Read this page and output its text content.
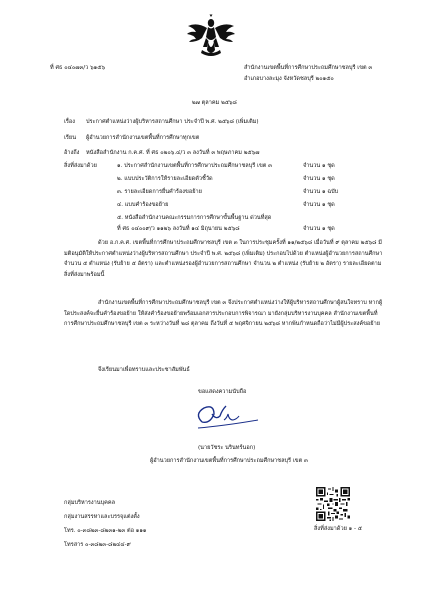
ที่ ศธ ๐๔๐๗๓/ว ๖๑๕๖	สำนักงานเขตพื้นที่การศึกษาประถมศึกษาชลบุรี เขต ๓
อำเภอบางละมุง จังหวัดชลบุรี ๒๐๑๕๐
๒๗ ตุลาคม ๒๕๖๘
เรื่อง ประกาศตำแหน่งว่างผู้บริหารสถานศึกษา ประจำปี พ.ศ. ๒๕๖๘ (เพิ่มเติม)
เรียน ผู้อำนวยการสำนักงานเขตพื้นที่การศึกษาทุกเขต
อ้างถึง หนังสือสำนักงาน ก.ค.ศ. ที่ ศธ ๐๒๐๖.๔/ว ๓ ลงวันที่ ๓ พฤษภาคม ๒๕๖๗
สิ่งที่ส่งมาด้วย	๑. ประกาศสำนักงานเขตพื้นที่การศึกษาประถมศึกษาชลบุรี เขต ๓	จำนวน ๑ ชุด
๒. แบบประวัติการให้รายละเอียดตัวชี้วัด	จำนวน ๑ ชุด
๓. รายละเอียดการยื่นคำร้องขอย้าย	จำนวน ๑ ฉบับ
๔. แบบคำร้องขอย้าย	จำนวน ๑ ชุด
๕. หนังสือสำนักงานคณะกรรมการการศึกษาขั้นพื้นฐาน ด่วนที่สุด
ที่ ศธ ๐๔๐๐๙/ว ๑๑๒๖ ลงวันที่ ๑๔ มิถุนายน ๒๕๖๘	จำนวน ๑ ชุด
ด้วย อ.ก.ค.ศ. เขตพื้นที่การศึกษาประถมศึกษาชลบุรี เขต ๓ ในการประชุมครั้งที่ ๑๑/๒๕๖๘ เมื่อวันที่ ๙ ตุลาคม ๒๕๖๘ มีมติอนุมัติให้ประกาศตำแหน่งว่างผู้บริหารสถานศึกษา ประจำปี พ.ศ. ๒๕๖๘ (เพิ่มเติม) ประกอบไปด้วย ตำแหน่งผู้อำนวยการสถานศึกษา จำนวน ๕ ตำแหน่ง (รับย้าย ๕ อัตรา) และตำแหน่งรองผู้อำนวยการสถานศึกษา จำนวน ๒ ตำแหน่ง (รับย้าย ๒ อัตรา) รายละเอียดตามสิ่งที่ส่งมาพร้อมนี้
สำนักงานเขตพื้นที่การศึกษาประถมศึกษาชลบุรี เขต ๓ จึงประกาศตำแหน่งว่างให้ผู้บริหารสถานศึกษาผู้สนใจทราบ หากผู้ใดประสงค์จะยื่นคำร้องขอย้าย ให้ส่งคำร้องขอย้ายพร้อมเอกสารประกอบการพิจารณา มายังกลุ่มบริหารงานบุคคล สำนักงานเขตพื้นที่การศึกษาประถมศึกษาชลบุรี เขต ๓ ระหว่างวันที่ ๒๘ ตุลาคม ถึงวันที่ ๕ พฤศจิกายน ๒๕๖๘ หากพ้นกำหนดถือว่าไม่มีผู้ประสงค์ขอย้าย
จึงเรียนมาเพื่อทราบและประชาสัมพันธ์
ขอแสดงความนับถือ
(นายวัชระ นรินทร์นอก)
ผู้อำนวยการสำนักงานเขตพื้นที่การศึกษาประถมศึกษาชลบุรี เขต ๓
กลุ่มบริหารงานบุคคล
กลุ่มงานสรรหาและบรรจุแต่งตั้ง
โทร. ๐-๓๘๒๓-๘๒๓๑-๒๓ ต่อ ๑๑๑
โทรสาร ๐-๓๘๒๓-๘๒๔๔-๙
สิ่งที่ส่งมาด้วย ๑ - ๕
